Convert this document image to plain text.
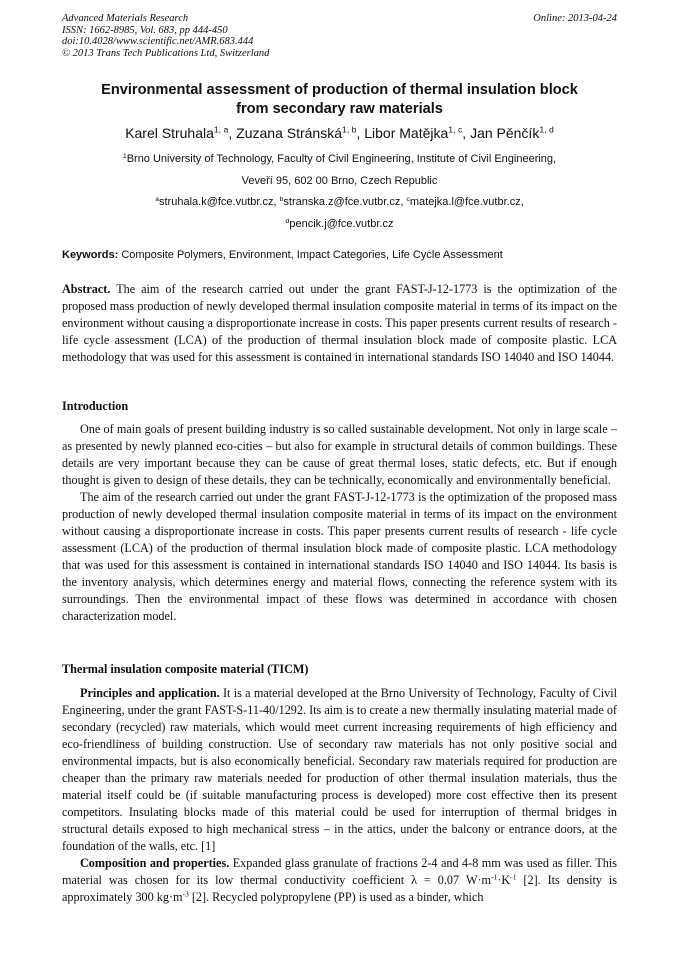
Advanced Materials Research
ISSN: 1662-8985, Vol. 683, pp 444-450
doi:10.4028/www.scientific.net/AMR.683.444
© 2013 Trans Tech Publications Ltd, Switzerland
Online: 2013-04-24
Environmental assessment of production of thermal insulation block
from secondary raw materials
Karel Struhala$^{1, a}$, Zuzana Stránská$^{1, b}$, Libor Matějka$^{1, c}$, Jan Pěnčík$^{1, d}$
$^1$Brno University of Technology, Faculty of Civil Engineering, Institute of Civil Engineering,
Veveří 95, 602 00 Brno, Czech Republic
$^a$struhala.k@fce.vutbr.cz, $^b$stranska.z@fce.vutbr.cz, $^c$matejka.l@fce.vutbr.cz,
$^d$pencik.j@fce.vutbr.cz
Keywords: Composite Polymers, Environment, Impact Categories, Life Cycle Assessment
Abstract. The aim of the research carried out under the grant FAST-J-12-1773 is the optimization of the proposed mass production of newly developed thermal insulation composite material in terms of its impact on the environment without causing a disproportionate increase in costs. This paper presents current results of research - life cycle assessment (LCA) of the production of thermal insulation block made of composite plastic. LCA methodology that was used for this assessment is contained in international standards ISO 14040 and ISO 14044.
Introduction

One of main goals of present building industry is so called sustainable development. Not only in large scale – as presented by newly planned eco-cities – but also for example in structural details of common buildings. These details are very important because they can be cause of great thermal loses, static defects, etc. But if enough thought is given to design of these details, they can be technically, economically and environmentally beneficial.

The aim of the research carried out under the grant FAST-J-12-1773 is the optimization of the proposed mass production of newly developed thermal insulation composite material in terms of its impact on the environment without causing a disproportionate increase in costs. This paper presents current results of research - life cycle assessment (LCA) of the production of thermal insulation block made of composite plastic. LCA methodology that was used for this assessment is contained in international standards ISO 14040 and ISO 14044. Its basis is the inventory analysis, which determines energy and material flows, connecting the reference system with its surroundings. Then the environmental impact of these flows was determined in accordance with chosen characterization model.

Thermal insulation composite material (TICM)

Principles and application. It is a material developed at the Brno University of Technology, Faculty of Civil Engineering, under the grant FAST-S-11-40/1292. Its aim is to create a new thermally insulating material made of secondary (recycled) raw materials, which would meet current increasing requirements of high efficiency and eco-friendliness of building construction. Use of secondary raw materials has not only positive social and environmental impacts, but is also economically beneficial. Secondary raw materials required for production are cheaper than the primary raw materials needed for production of other thermal insulation materials, thus the material itself could be (if suitable manufacturing process is developed) more cost effective then its present competitors. Insulating blocks made of this material could be used for interruption of thermal bridges in structural details exposed to high mechanical stress – in the attics, under the balcony or entrance doors, at the foundation of the walls, etc. [1]

Composition and properties. Expanded glass granulate of fractions 2-4 and 4-8 mm was used as filler. This material was chosen for its low thermal conductivity coefficient λ = 0.07 $W\cdot m^{-1}\cdot K^{-1}$ [2]. Its density is approximately 300 $kg\cdot m^{-3}$ [2]. Recycled polypropylene (PP) is used as a binder, which
